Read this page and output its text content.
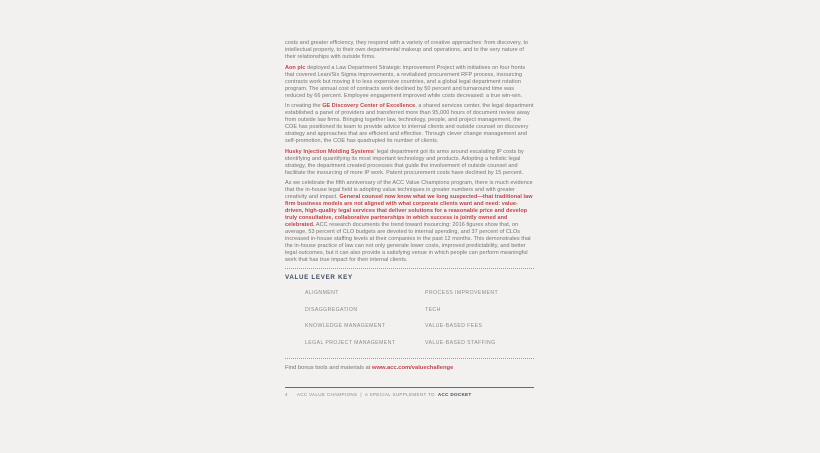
costs and greater efficiency, they respond with a variety of creative approaches: from discovery, to intellectual property, to their own departmental makeup and operations, and to the very nature of their relationships with outside firms.

Aon plc deployed a Law Department Strategic Improvement Project with initiatives on four fronts that covered Lean/Six Sigma improvements, a revitalized procurement RFP process, insourcing contracts work but moving it to less expensive countries, and a global legal department rotation program. The annual cost of contracts work declined by 50 percent and turnaround time was reduced by 66 percent. Employee engagement improved while costs decreased: a true win-win.

In creating the GE Discovery Center of Excellence, a shared services center, the legal department established a panel of providers and transferred more than 95,000 hours of document review away from outside law firms. Bringing together law, technology, people, and project management, the COE has positioned its team to provide advice to internal clients and outside counsel on discovery strategy and approaches that are efficient and effective. Through clever change management and self-promotion, the COE has quadrupled its number of clients.

Husky Injection Molding Systems' legal department got its arms around escalating IP costs by identifying and quantifying its most important technology and products. Adopting a holistic legal strategy, the department created processes that guide the involvement of outside counsel and facilitate the insourcing of more IP work. Patent procurement costs have declined by 15 percent.

As we celebrate the fifth anniversary of the ACC Value Champions program, there is much evidence that the in-house legal field is adopting value techniques in greater numbers and with greater creativity and impact. General counsel now know what we long suspected—that traditional law firm business models are not aligned with what corporate clients want and need: value-driven, high-quality legal services that deliver solutions for a reasonable price and develop truly consultative, collaborative partnerships in which success is jointly owned and celebrated. ACC research documents the trend toward insourcing: 2016 figures show that, on average, 53 percent of CLO budgets are devoted to internal spending, and 37 percent of CLOs increased in-house staffing levels at their companies in the past 12 months. This demonstrates that the in-house practice of law can not only generate lower costs, improved predictability, and better legal outcomes, but it can also provide a satisfying venue in which people can perform meaningful work that has true impact for their internal clients.

VALUE LEVER KEY
ALIGNMENT	PROCESS IMPROVEMENT
DISAGGREGATION	TECH
KNOWLEDGE MANAGEMENT	VALUE-BASED FEES
LEGAL PROJECT MANAGEMENT	VALUE-BASED STAFFING

Find bonus tools and materials at www.acc.com/valuechallenge

4 ACC VALUE CHAMPIONS | A SPECIAL SUPPLEMENT TO ACC DOCKET
